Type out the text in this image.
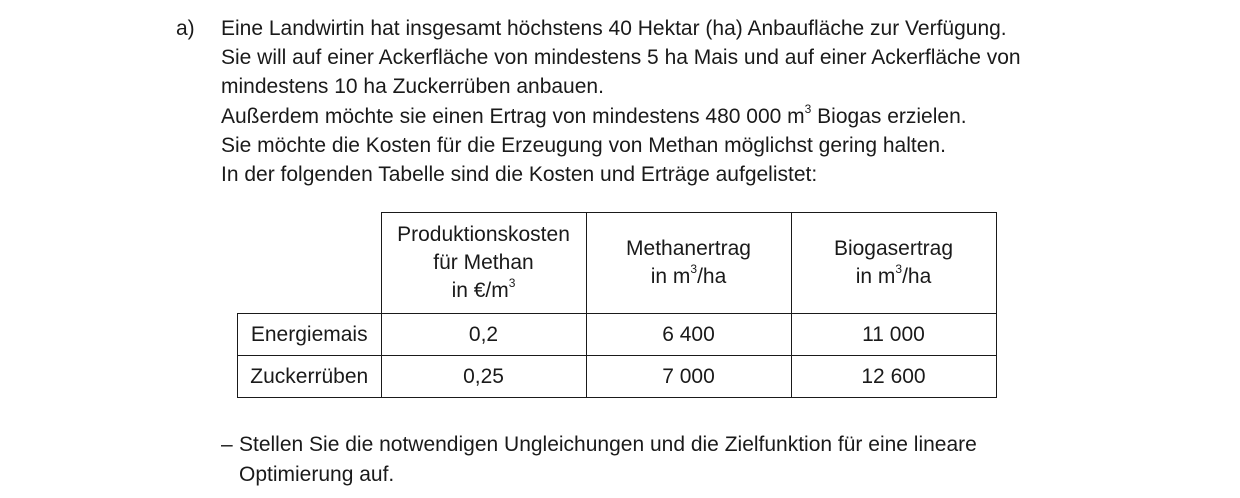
a) Eine Landwirtin hat insgesamt höchstens 40 Hektar (ha) Anbaufläche zur Verfügung.
Sie will auf einer Ackerfläche von mindestens 5 ha Mais und auf einer Ackerfläche von
mindestens 10 ha Zuckerrüben anbauen.
Außerdem möchte sie einen Ertrag von mindestens 480 000 $m^3$ Biogas erzielen.
Sie möchte die Kosten für die Erzeugung von Methan möglichst gering halten.
In der folgenden Tabelle sind die Kosten und Erträge aufgelistet:
	Produktionskosten
für Methan
in $€/m^3$	Methanertrag
in $m^3/ha$	Biogasertrag
in $m^3/ha$
Energiemais	0,2	6 400	11 000
Zuckerrüben	0,25	7 000	12 600
– Stellen Sie die notwendigen Ungleichungen und die Zielfunktion für eine lineare
Optimierung auf.
